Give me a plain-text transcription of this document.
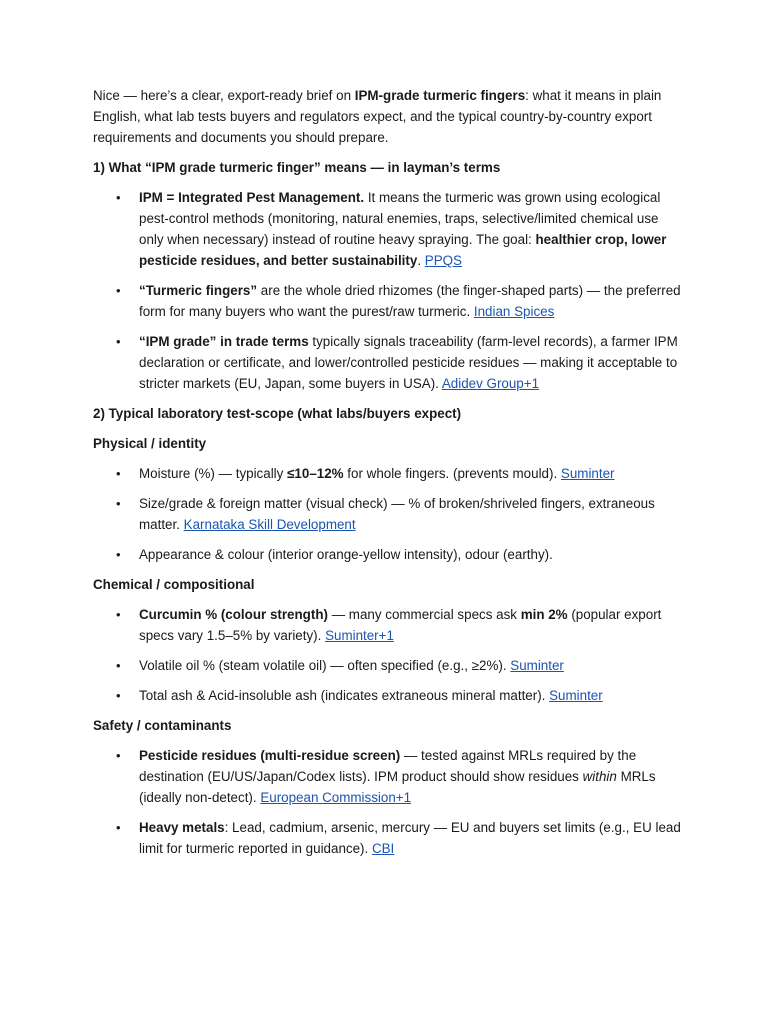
Nice — here’s a clear, export-ready brief on IPM-grade turmeric fingers: what it means in plain English, what lab tests buyers and regulators expect, and the typical country-by-country export requirements and documents you should prepare.

1) What “IPM grade turmeric finger” means — in layman’s terms
• IPM = Integrated Pest Management. It means the turmeric was grown using ecological pest-control methods (monitoring, natural enemies, traps, selective/limited chemical use only when necessary) instead of routine heavy spraying. The goal: healthier crop, lower pesticide residues, and better sustainability. PPQS
• “Turmeric fingers” are the whole dried rhizomes (the finger-shaped parts) — the preferred form for many buyers who want the purest/raw turmeric. Indian Spices
• “IPM grade” in trade terms typically signals traceability (farm-level records), a farmer IPM declaration or certificate, and lower/controlled pesticide residues — making it acceptable to stricter markets (EU, Japan, some buyers in USA). Adidev Group+1
2) Typical laboratory test-scope (what labs/buyers expect)
Physical / identity
• Moisture (%) — typically ≤10–12% for whole fingers. (prevents mould). Suminter
• Size/grade & foreign matter (visual check) — % of broken/shriveled fingers, extraneous matter. Karnataka Skill Development
• Appearance & colour (interior orange-yellow intensity), odour (earthy).
Chemical / compositional
• Curcumin % (colour strength) — many commercial specs ask min 2% (popular export specs vary 1.5–5% by variety). Suminter+1
• Volatile oil % (steam volatile oil) — often specified (e.g., ≥2%). Suminter
• Total ash & Acid-insoluble ash (indicates extraneous mineral matter). Suminter
Safety / contaminants
• Pesticide residues (multi-residue screen) — tested against MRLs required by the destination (EU/US/Japan/Codex lists). IPM product should show residues within MRLs (ideally non-detect). European Commission+1
• Heavy metals: Lead, cadmium, arsenic, mercury — EU and buyers set limits (e.g., EU lead limit for turmeric reported in guidance). CBI
